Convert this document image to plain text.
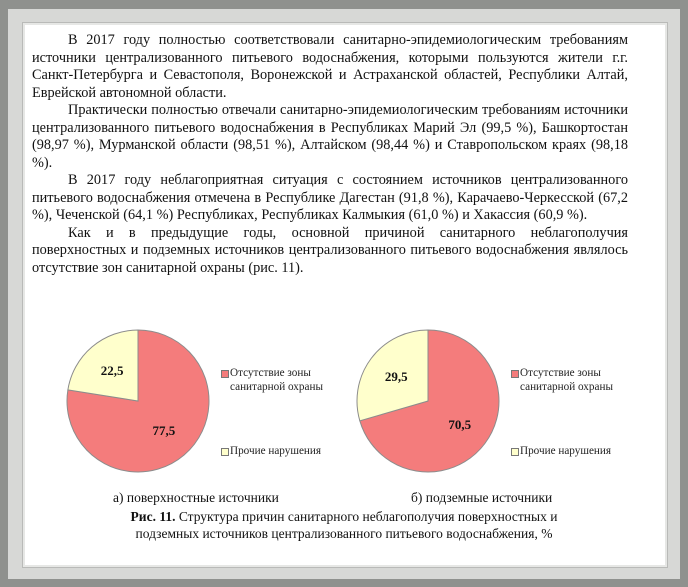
В 2017 году полностью соответствовали санитарно-эпидемиологическим требованиям источники централизованного питьевого водоснабжения, которыми пользуются жители г.г. Санкт-Петербурга и Севастополя, Воронежской и Астраханской областей, Республики Алтай, Еврейской автономной области.

Практически полностью отвечали санитарно-эпидемиологическим требованиям источники централизованного питьевого водоснабжения в Республиках Марий Эл (99,5 %), Башкортостан (98,97 %), Мурманской области (98,51 %), Алтайском (98,44 %) и Ставропольском краях (98,18 %).

В 2017 году неблагоприятная ситуация с состоянием источников централизованного питьевого водоснабжения отмечена в Республике Дагестан (91,8 %), Карачаево-Черкесской (67,2 %), Чеченской (64,1 %) Республиках, Республиках Калмыкия (61,0 %) и Хакассия (60,9 %).

Как и в предыдущие годы, основной причиной санитарного неблагополучия поверхностных и подземных источников централизованного питьевого водоснабжения являлось отсутствие зон санитарной охраны (рис. 11).

77,5
22,5	Отсутствие зоны
санитарной охраны
Прочие нарушения
70,5
29,5	Отсутствие зоны
санитарной охраны
Прочие нарушения
а) поверхностные источники	б) подземные источники
Рис. 11. Структура причин санитарного неблагополучия поверхностных и
подземных источников централизованного питьевого водоснабжения, %
